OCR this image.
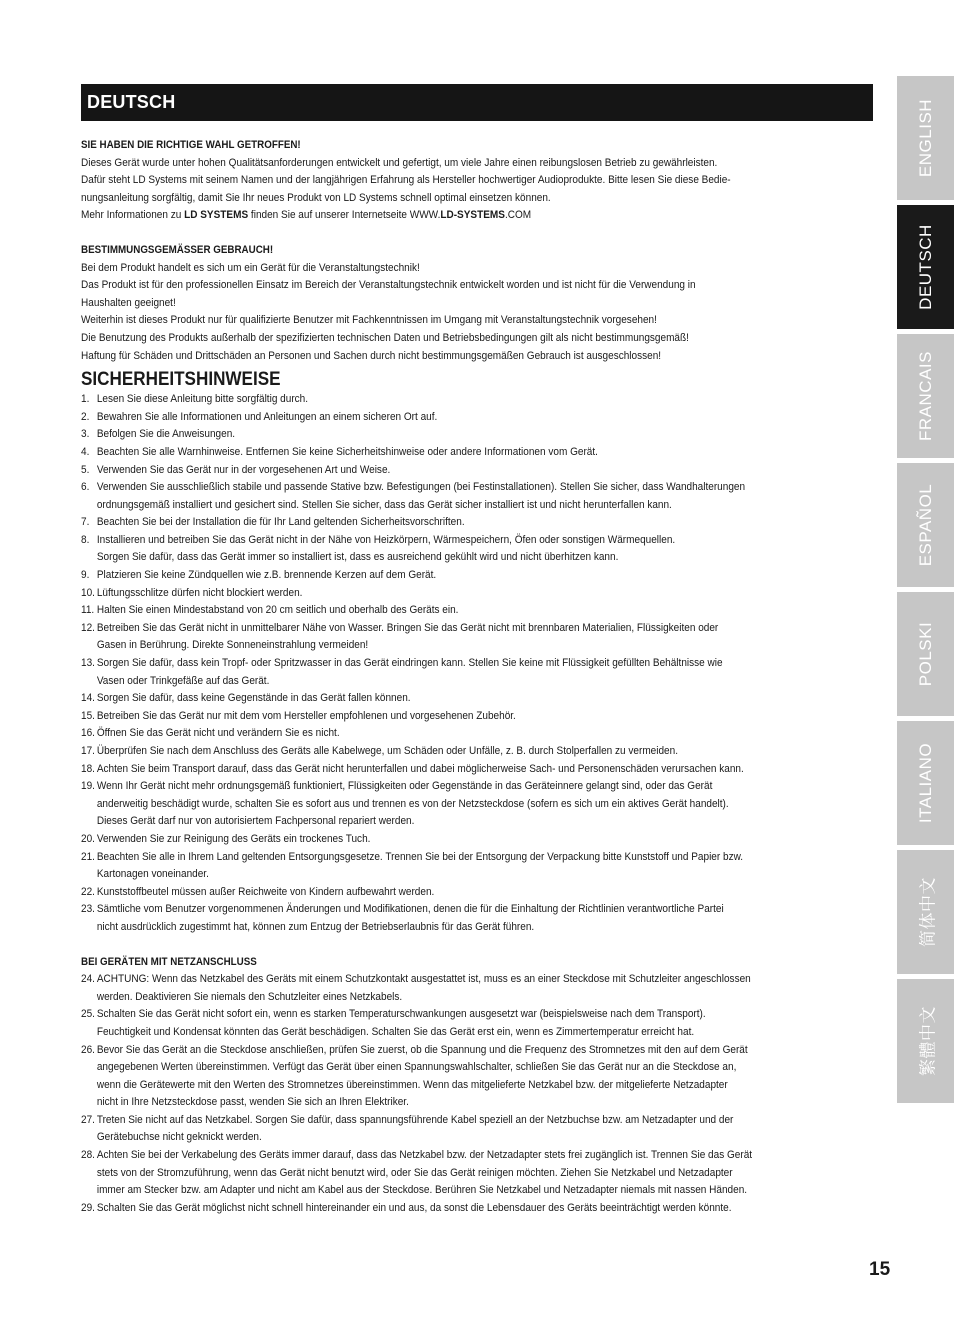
DEUTSCH
SIE HABEN DIE RICHTIGE WAHL GETROFFEN!
Dieses Gerät wurde unter hohen Qualitätsanforderungen entwickelt und gefertigt, um viele Jahre einen reibungslosen Betrieb zu gewährleisten.
Dafür steht LD Systems mit seinem Namen und der langjährigen Erfahrung als Hersteller hochwertiger Audioprodukte. Bitte lesen Sie diese Bedie-
nungsanleitung sorgfältig, damit Sie Ihr neues Produkt von LD Systems schnell optimal einsetzen können.
Mehr Informationen zu LD SYSTEMS finden Sie auf unserer Internetseite WWW.LD-SYSTEMS.COM
BESTIMMUNGSGEMÄSSER GEBRAUCH!
Bei dem Produkt handelt es sich um ein Gerät für die Veranstaltungstechnik!
Das Produkt ist für den professionellen Einsatz im Bereich der Veranstaltungstechnik entwickelt worden und ist nicht für die Verwendung in
Haushalten geeignet!
Weiterhin ist dieses Produkt nur für qualifizierte Benutzer mit Fachkenntnissen im Umgang mit Veranstaltungstechnik vorgesehen!
Die Benutzung des Produkts außerhalb der spezifizierten technischen Daten und Betriebsbedingungen gilt als nicht bestimmungsgemäß!
Haftung für Schäden und Drittschäden an Personen und Sachen durch nicht bestimmungsgemäßen Gebrauch ist ausgeschlossen!
SICHERHEITSHINWEISE
1. Lesen Sie diese Anleitung bitte sorgfältig durch.
2. Bewahren Sie alle Informationen und Anleitungen an einem sicheren Ort auf.
3. Befolgen Sie die Anweisungen.
4. Beachten Sie alle Warnhinweise. Entfernen Sie keine Sicherheitshinweise oder andere Informationen vom Gerät.
5. Verwenden Sie das Gerät nur in der vorgesehenen Art und Weise.
6. Verwenden Sie ausschließlich stabile und passende Stative bzw. Befestigungen (bei Festinstallationen). Stellen Sie sicher, dass Wandhalterungen
ordnungsgemäß installiert und gesichert sind. Stellen Sie sicher, dass das Gerät sicher installiert ist und nicht herunterfallen kann.
7. Beachten Sie bei der Installation die für Ihr Land geltenden Sicherheitsvorschriften.
8. Installieren und betreiben Sie das Gerät nicht in der Nähe von Heizkörpern, Wärmespeichern, Öfen oder sonstigen Wärmequellen.
Sorgen Sie dafür, dass das Gerät immer so installiert ist, dass es ausreichend gekühlt wird und nicht überhitzen kann.
9. Platzieren Sie keine Zündquellen wie z.B. brennende Kerzen auf dem Gerät.
10. Lüftungsschlitze dürfen nicht blockiert werden.
11. Halten Sie einen Mindestabstand von 20 cm seitlich und oberhalb des Geräts ein.
12. Betreiben Sie das Gerät nicht in unmittelbarer Nähe von Wasser. Bringen Sie das Gerät nicht mit brennbaren Materialien, Flüssigkeiten oder
Gasen in Berührung. Direkte Sonneneinstrahlung vermeiden!
13. Sorgen Sie dafür, dass kein Tropf- oder Spritzwasser in das Gerät eindringen kann. Stellen Sie keine mit Flüssigkeit gefüllten Behältnisse wie
Vasen oder Trinkgefäße auf das Gerät.
14. Sorgen Sie dafür, dass keine Gegenstände in das Gerät fallen können.
15. Betreiben Sie das Gerät nur mit dem vom Hersteller empfohlenen und vorgesehenen Zubehör.
16. Öffnen Sie das Gerät nicht und verändern Sie es nicht.
17. Überprüfen Sie nach dem Anschluss des Geräts alle Kabelwege, um Schäden oder Unfälle, z. B. durch Stolperfallen zu vermeiden.
18. Achten Sie beim Transport darauf, dass das Gerät nicht herunterfallen und dabei möglicherweise Sach- und Personenschäden verursachen kann.
19. Wenn Ihr Gerät nicht mehr ordnungsgemäß funktioniert, Flüssigkeiten oder Gegenstände in das Geräteinnere gelangt sind, oder das Gerät
anderweitig beschädigt wurde, schalten Sie es sofort aus und trennen es von der Netzsteckdose (sofern es sich um ein aktives Gerät handelt).
Dieses Gerät darf nur von autorisiertem Fachpersonal repariert werden.
20. Verwenden Sie zur Reinigung des Geräts ein trockenes Tuch.
21. Beachten Sie alle in Ihrem Land geltenden Entsorgungsgesetze. Trennen Sie bei der Entsorgung der Verpackung bitte Kunststoff und Papier bzw.
Kartonagen voneinander.
22. Kunststoffbeutel müssen außer Reichweite von Kindern aufbewahrt werden.
23. Sämtliche vom Benutzer vorgenommenen Änderungen und Modifikationen, denen die für die Einhaltung der Richtlinien verantwortliche Partei
nicht ausdrücklich zugestimmt hat, können zum Entzug der Betriebserlaubnis für das Gerät führen.
BEI GERÄTEN MIT NETZANSCHLUSS
24. ACHTUNG: Wenn das Netzkabel des Geräts mit einem Schutzkontakt ausgestattet ist, muss es an einer Steckdose mit Schutzleiter angeschlossen
werden. Deaktivieren Sie niemals den Schutzleiter eines Netzkabels.
25. Schalten Sie das Gerät nicht sofort ein, wenn es starken Temperaturschwankungen ausgesetzt war (beispielsweise nach dem Transport).
Feuchtigkeit und Kondensat könnten das Gerät beschädigen. Schalten Sie das Gerät erst ein, wenn es Zimmertemperatur erreicht hat.
26. Bevor Sie das Gerät an die Steckdose anschließen, prüfen Sie zuerst, ob die Spannung und die Frequenz des Stromnetzes mit den auf dem Gerät
angegebenen Werten übereinstimmen. Verfügt das Gerät über einen Spannungswahlschalter, schließen Sie das Gerät nur an die Steckdose an,
wenn die Gerätewerte mit den Werten des Stromnetzes übereinstimmen. Wenn das mitgelieferte Netzkabel bzw. der mitgelieferte Netzadapter
nicht in Ihre Netzsteckdose passt, wenden Sie sich an Ihren Elektriker.
27. Treten Sie nicht auf das Netzkabel. Sorgen Sie dafür, dass spannungsführende Kabel speziell an der Netzbuchse bzw. am Netzadapter und der
Gerätebuchse nicht geknickt werden.
28. Achten Sie bei der Verkabelung des Geräts immer darauf, dass das Netzkabel bzw. der Netzadapter stets frei zugänglich ist. Trennen Sie das Gerät
stets von der Stromzuführung, wenn das Gerät nicht benutzt wird, oder Sie das Gerät reinigen möchten. Ziehen Sie Netzkabel und Netzadapter
immer am Stecker bzw. am Adapter und nicht am Kabel aus der Steckdose. Berühren Sie Netzkabel und Netzadapter niemals mit nassen Händen.
29. Schalten Sie das Gerät möglichst nicht schnell hintereinander ein und aus, da sonst die Lebensdauer des Geräts beeinträchtigt werden könnte.
ENGLISH
DEUTSCH
FRANCAIS
ESPAÑOL
POLSKI
ITALIANO
简体中文
繁體中文
15
